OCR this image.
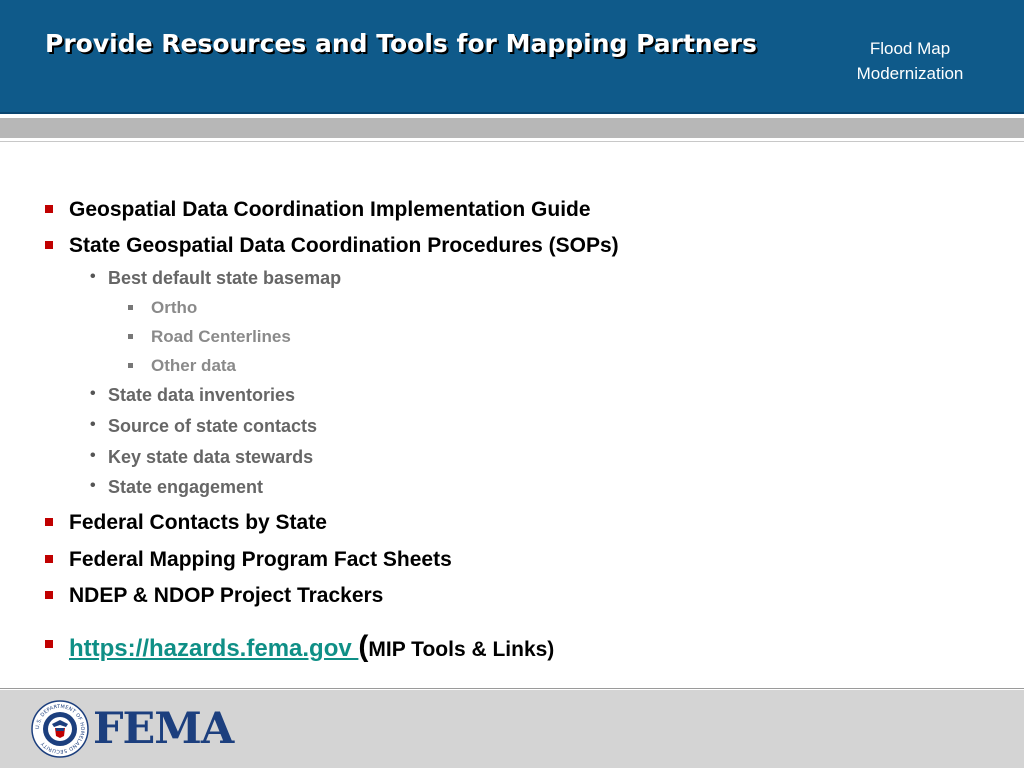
Provide Resources and Tools for Mapping Partners	Flood Map
Modernization
Geospatial Data Coordination Implementation Guide
State Geospatial Data Coordination Procedures (SOPs)
• Best default state basemap
Ortho
Road Centerlines
Other data
• State data inventories
• Source of state contacts
• Key state data stewards
• State engagement
Federal Contacts by State
Federal Mapping Program Fact Sheets
NDEP & NDOP Project Trackers
https://hazards.fema.gov (MIP Tools & Links)
U.S. DEPARTMENT OF HOMELAND SECURITY	FEMA
